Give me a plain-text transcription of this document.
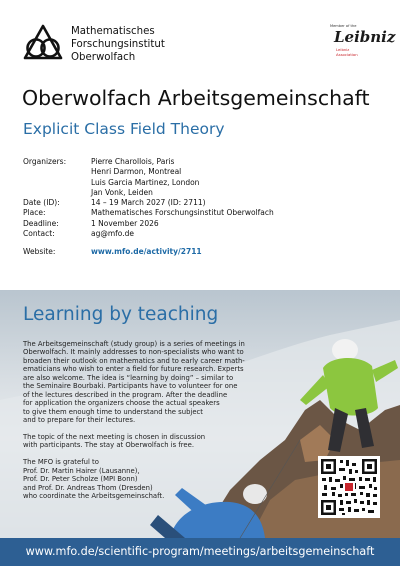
Mathematisches
Forschungsinstitut
Oberwolfach
Member of the
Leibniz
Leibniz
Association
Oberwolfach Arbeitsgemeinschaft
Explicit Class Field Theory
Organizers:	Pierre Charollois, Paris
Henri Darmon, Montreal
Luis Garcia Martinez, London
Jan Vonk, Leiden
Date (ID):	14 – 19 March 2027 (ID: 2711)
Place:	Mathematisches Forschungsinstitut Oberwolfach
Deadline:	1 November 2026
Contact:	ag@mfo.de
Website:	www.mfo.de/activity/2711
Learning by teaching

The Arbeitsgemeinschaft (study group) is a series of meetings in
Oberwolfach. It mainly addresses to non-specialists who want to
broaden their outlook on mathematics and to early career math-
ematicians who wish to enter a field for future research. Experts
are also welcome. The idea is “learning by doing” – similar to
the Seminaire Bourbaki. Participants have to volunteer for one
of the lectures described in the program. After the deadline
for application the organizers choose the actual speakers
to give them enough time to understand the subject
and to prepare for their lectures.

The topic of the next meeting is chosen in discussion
with participants. The stay at Oberwolfach is free.

The MFO is grateful to
Prof. Dr. Martin Hairer (Lausanne),
Prof. Dr. Peter Scholze (MPI Bonn)
and Prof. Dr. Andreas Thom (Dresden)
who coordinate the Arbeitsgemeinschaft.

www.mfo.de/scientific-program/meetings/arbeitsgemeinschaft
